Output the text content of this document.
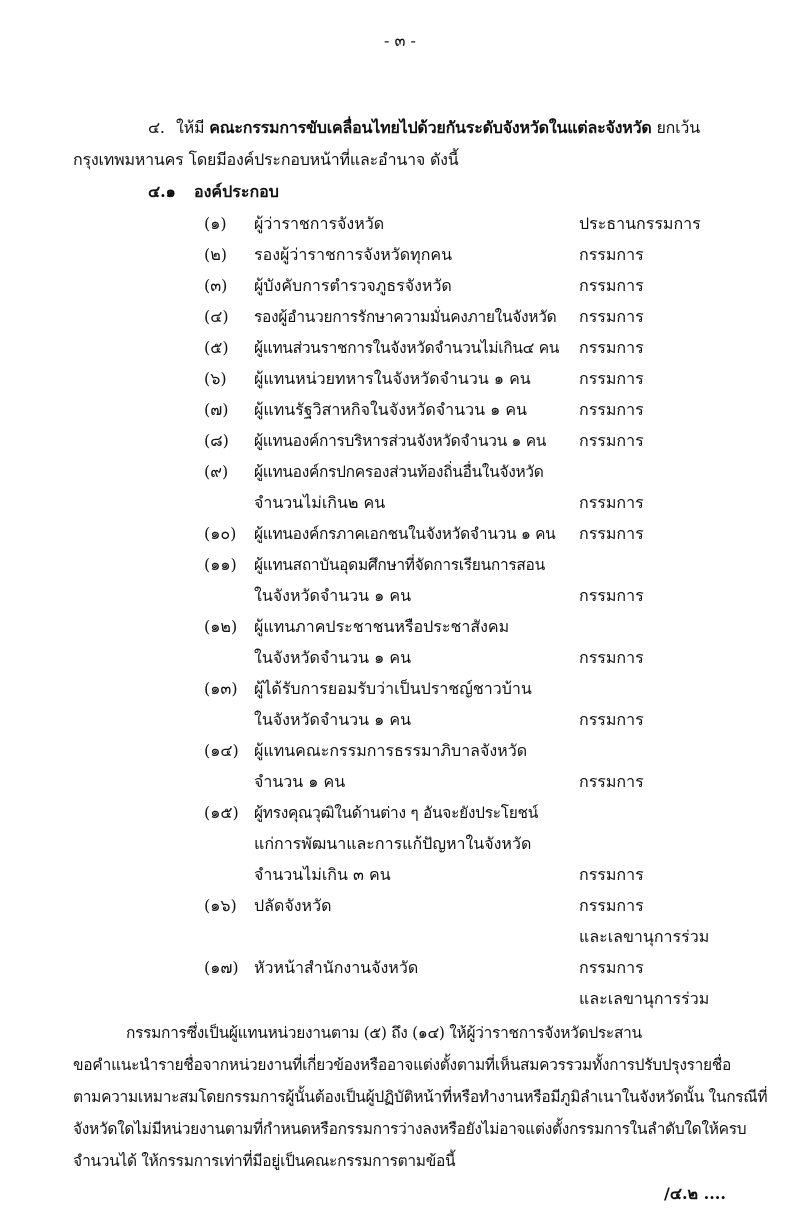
- ๓ -
๔. ให้มี คณะกรรมการขับเคลื่อนไทยไปด้วยกันระดับจังหวัดในแต่ละจังหวัด ยกเว้น
กรุงเทพมหานคร โดยมีองค์ประกอบหน้าที่และอำนาจ ดังนี้
๔.๑ องค์ประกอบ
(๑) ผู้ว่าราชการจังหวัด	ประธานกรรมการ
(๒) รองผู้ว่าราชการจังหวัดทุกคน	กรรมการ
(๓) ผู้บังคับการตำรวจภูธรจังหวัด	กรรมการ
(๔) รองผู้อำนวยการรักษาความมั่นคงภายในจังหวัด กรรมการ
(๕) ผู้แทนส่วนราชการในจังหวัดจำนวนไม่เกิน๔ คน กรรมการ
(๖) ผู้แทนหน่วยทหารในจังหวัดจำนวน ๑ คน	กรรมการ
(๗) ผู้แทนรัฐวิสาหกิจในจังหวัดจำนวน ๑ คน	กรรมการ
(๘) ผู้แทนองค์การบริหารส่วนจังหวัดจำนวน ๑ คน กรรมการ
(๙) ผู้แทนองค์กรปกครองส่วนท้องถิ่นอื่นในจังหวัด
จำนวนไม่เกิน๒ คน	กรรมการ
(๑๐) ผู้แทนองค์กรภาคเอกชนในจังหวัดจำนวน ๑ คน กรรมการ
(๑๑) ผู้แทนสถาบันอุดมศึกษาที่จัดการเรียนการสอน
ในจังหวัดจำนวน ๑ คน	กรรมการ
(๑๒) ผู้แทนภาคประชาชนหรือประชาสังคม
ในจังหวัดจำนวน ๑ คน	กรรมการ
(๑๓) ผู้ได้รับการยอมรับว่าเป็นปราชญ์ชาวบ้าน
ในจังหวัดจำนวน ๑ คน	กรรมการ
(๑๔) ผู้แทนคณะกรรมการธรรมาภิบาลจังหวัด
จำนวน ๑ คน	กรรมการ
(๑๕) ผู้ทรงคุณวุฒิในด้านต่าง ๆ อันจะยังประโยชน์
แก่การพัฒนาและการแก้ปัญหาในจังหวัด
จำนวนไม่เกิน ๓ คน	กรรมการ
(๑๖) ปลัดจังหวัด	กรรมการ
และเลขานุการร่วม
(๑๗) หัวหน้าสำนักงานจังหวัด	กรรมการ
และเลขานุการร่วม
กรรมการซึ่งเป็นผู้แทนหน่วยงานตาม (๕) ถึง (๑๔) ให้ผู้ว่าราชการจังหวัดประสาน
ขอคำแนะนำรายชื่อจากหน่วยงานที่เกี่ยวข้องหรืออาจแต่งตั้งตามที่เห็นสมควรรวมทั้งการปรับปรุงรายชื่อ
ตามความเหมาะสมโดยกรรมการผู้นั้นต้องเป็นผู้ปฏิบัติหน้าที่หรือทำงานหรือมีภูมิลำเนาในจังหวัดนั้น ในกรณีที่
จังหวัดใดไม่มีหน่วยงานตามที่กำหนดหรือกรรมการว่างลงหรือยังไม่อาจแต่งตั้งกรรมการในลำดับใดให้ครบ
จำนวนได้ ให้กรรมการเท่าที่มีอยู่เป็นคณะกรรมการตามข้อนี้
/๔.๒ ....
